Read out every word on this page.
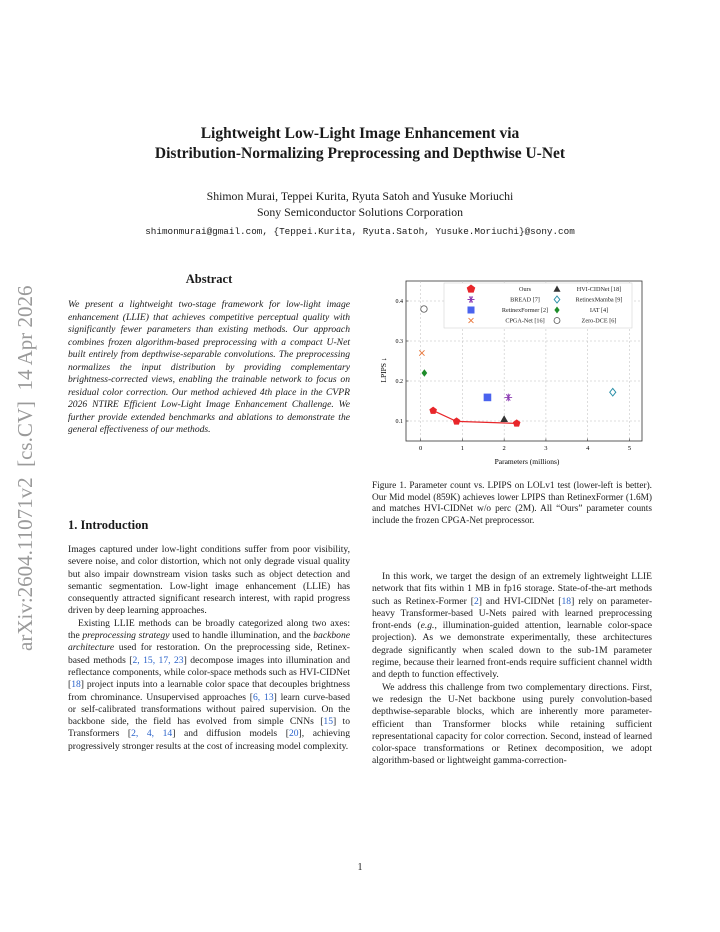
arXiv:2604.11071v2  [cs.CV]  14 Apr 2026
Lightweight Low-Light Image Enhancement via
Distribution-Normalizing Preprocessing and Depthwise U-Net
Shimon Murai, Teppei Kurita, Ryuta Satoh and Yusuke Moriuchi
Sony Semiconductor Solutions Corporation
shimonmurai@gmail.com, {Teppei.Kurita, Ryuta.Satoh, Yusuke.Moriuchi}@sony.com
Abstract
We present a lightweight two-stage framework for low-light image enhancement (LLIE) that achieves competitive perceptual quality with significantly fewer parameters than existing methods. Our approach combines frozen algorithm-based preprocessing with a compact U-Net built entirely from depthwise-separable convolutions. The preprocessing normalizes the input distribution by providing complementary brightness-corrected views, enabling the trainable network to focus on residual color correction. Our method achieved 4th place in the CVPR 2026 NTIRE Efficient Low-Light Image Enhancement Challenge. We further provide extended benchmarks and ablations to demonstrate the general effectiveness of our methods.
1. Introduction

Images captured under low-light conditions suffer from poor visibility, severe noise, and color distortion, which not only degrade visual quality but also impair downstream vision tasks such as object detection and semantic segmentation. Low-light image enhancement (LLIE) has consequently attracted significant research interest, with rapid progress driven by deep learning approaches.

Existing LLIE methods can be broadly categorized along two axes: the preprocessing strategy used to handle illumination, and the backbone architecture used for restoration. On the preprocessing side, Retinex-based methods [2, 15, 17, 23] decompose images into illumination and reflectance components, while color-space methods such as HVI-CIDNet [18] project inputs into a learnable color space that decouples brightness from chrominance. Unsupervised approaches [6, 13] learn curve-based or self-calibrated transformations without paired supervision. On the backbone side, the field has evolved from simple CNNs [15] to Transformers [2, 4, 14] and diffusion models [20], achieving progressively stronger results at the cost of increasing model complexity.

0	1	2	3	4	5
0.1
0.2
0.3
0.4
Ours
BREAD [7]
RetinexFormer [2]
CPGA-Net [16]
HVI-CIDNet [18]
RetinexMamba [9]
IAT [4]
Zero-DCE [6]
Parameters (millions)
LPIPS ↓
Figure 1. Parameter count vs. LPIPS on LOLv1 test (lower-left is better). Our Mid model (859K) achieves lower LPIPS than RetinexFormer (1.6M) and matches HVI-CIDNet w/o perc (2M). All “Ours” parameter counts include the frozen CPGA-Net preprocessor.

In this work, we target the design of an extremely lightweight LLIE network that fits within 1 MB in fp16 storage. State-of-the-art methods such as Retinex-Former [2] and HVI-CIDNet [18] rely on parameter-heavy Transformer-based U-Nets paired with learned preprocessing front-ends (e.g., illumination-guided attention, learnable color-space projection). As we demonstrate experimentally, these architectures degrade significantly when scaled down to the sub-1M parameter regime, because their learned front-ends require sufficient channel width and depth to function effectively.

We address this challenge from two complementary directions. First, we redesign the U-Net backbone using purely convolution-based depthwise-separable blocks, which are inherently more parameter-efficient than Transformer blocks while retaining sufficient representational capacity for color correction. Second, instead of learned color-space transformations or Retinex decomposition, we adopt algorithm-based or lightweight gamma-correction-

1
